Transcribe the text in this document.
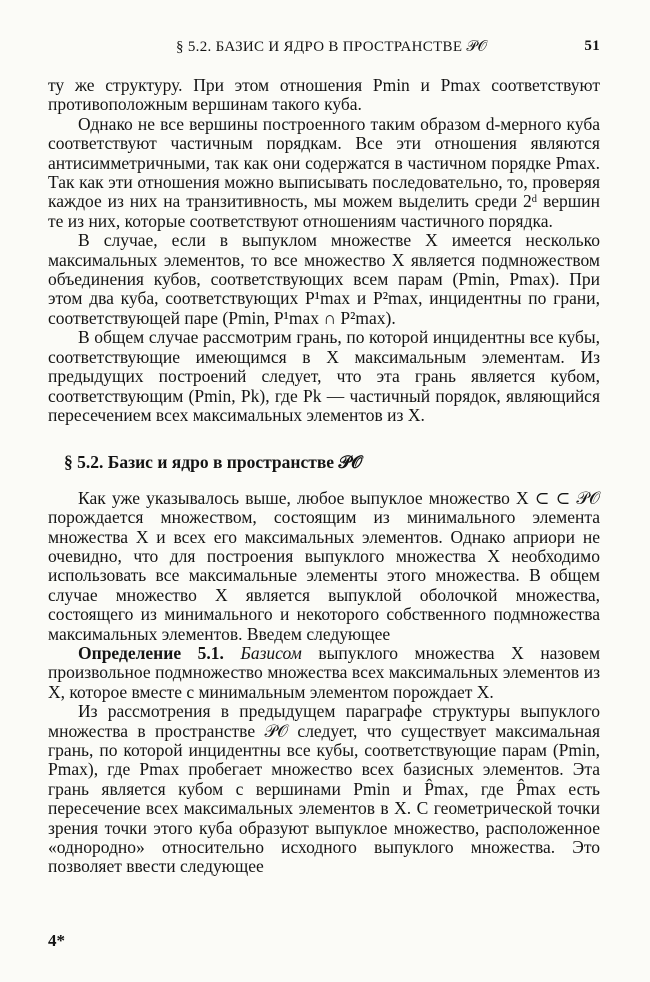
§ 5.2. БАЗИС И ЯДРО В ПРОСТРАНСТВЕ 𝒫𝒪	51

ту же структуру. При этом отношения Pmin и Pmax соответствуют противоположным вершинам такого куба.

Однако не все вершины построенного таким образом d-мерного куба соответствуют частичным порядкам. Все эти отношения являются антисимметричными, так как они содержатся в частичном порядке Pmax. Так как эти отношения можно выписывать последовательно, то, проверяя каждое из них на транзитивность, мы можем выделить среди 2ᵈ вершин те из них, которые соответствуют отношениям частичного порядка.

В случае, если в выпуклом множестве X имеется несколько максимальных элементов, то все множество X является подмножеством объединения кубов, соответствующих всем парам (Pmin, Pmax). При этом два куба, соответствующих P¹max и P²max, инцидентны по грани, соответствующей паре (Pmin, P¹max ∩ P²max).

В общем случае рассмотрим грань, по которой инцидентны все кубы, соответствующие имеющимся в X максимальным элементам. Из предыдущих построений следует, что эта грань является кубом, соответствующим (Pmin, Pk), где Pk — частичный порядок, являющийся пересечением всех максимальных элементов из X.

§ 5.2. Базис и ядро в пространстве 𝒫𝒪

Как уже указывалось выше, любое выпуклое множество X ⊂ ⊂ 𝒫𝒪 порождается множеством, состоящим из минимального элемента множества X и всех его максимальных элементов. Однако априори не очевидно, что для построения выпуклого множества X необходимо использовать все максимальные элементы этого множества. В общем случае множество X является выпуклой оболочкой множества, состоящего из минимального и некоторого собственного подмножества максимальных элементов. Введем следующее

Определение 5.1. Базисом выпуклого множества X назовем произвольное подмножество множества всех максимальных элементов из X, которое вместе с минимальным элементом порождает X.

Из рассмотрения в предыдущем параграфе структуры выпуклого множества в пространстве 𝒫𝒪 следует, что существует максимальная грань, по которой инцидентны все кубы, соответствующие парам (Pmin, Pmax), где Pmax пробегает множество всех базисных элементов. Эта грань является кубом с вершинами Pmin и P̂max, где P̂max есть пересечение всех максимальных элементов в X. С геометрической точки зрения точки этого куба образуют выпуклое множество, расположенное «однородно» относительно исходного выпуклого множества. Это позволяет ввести следующее

4*
